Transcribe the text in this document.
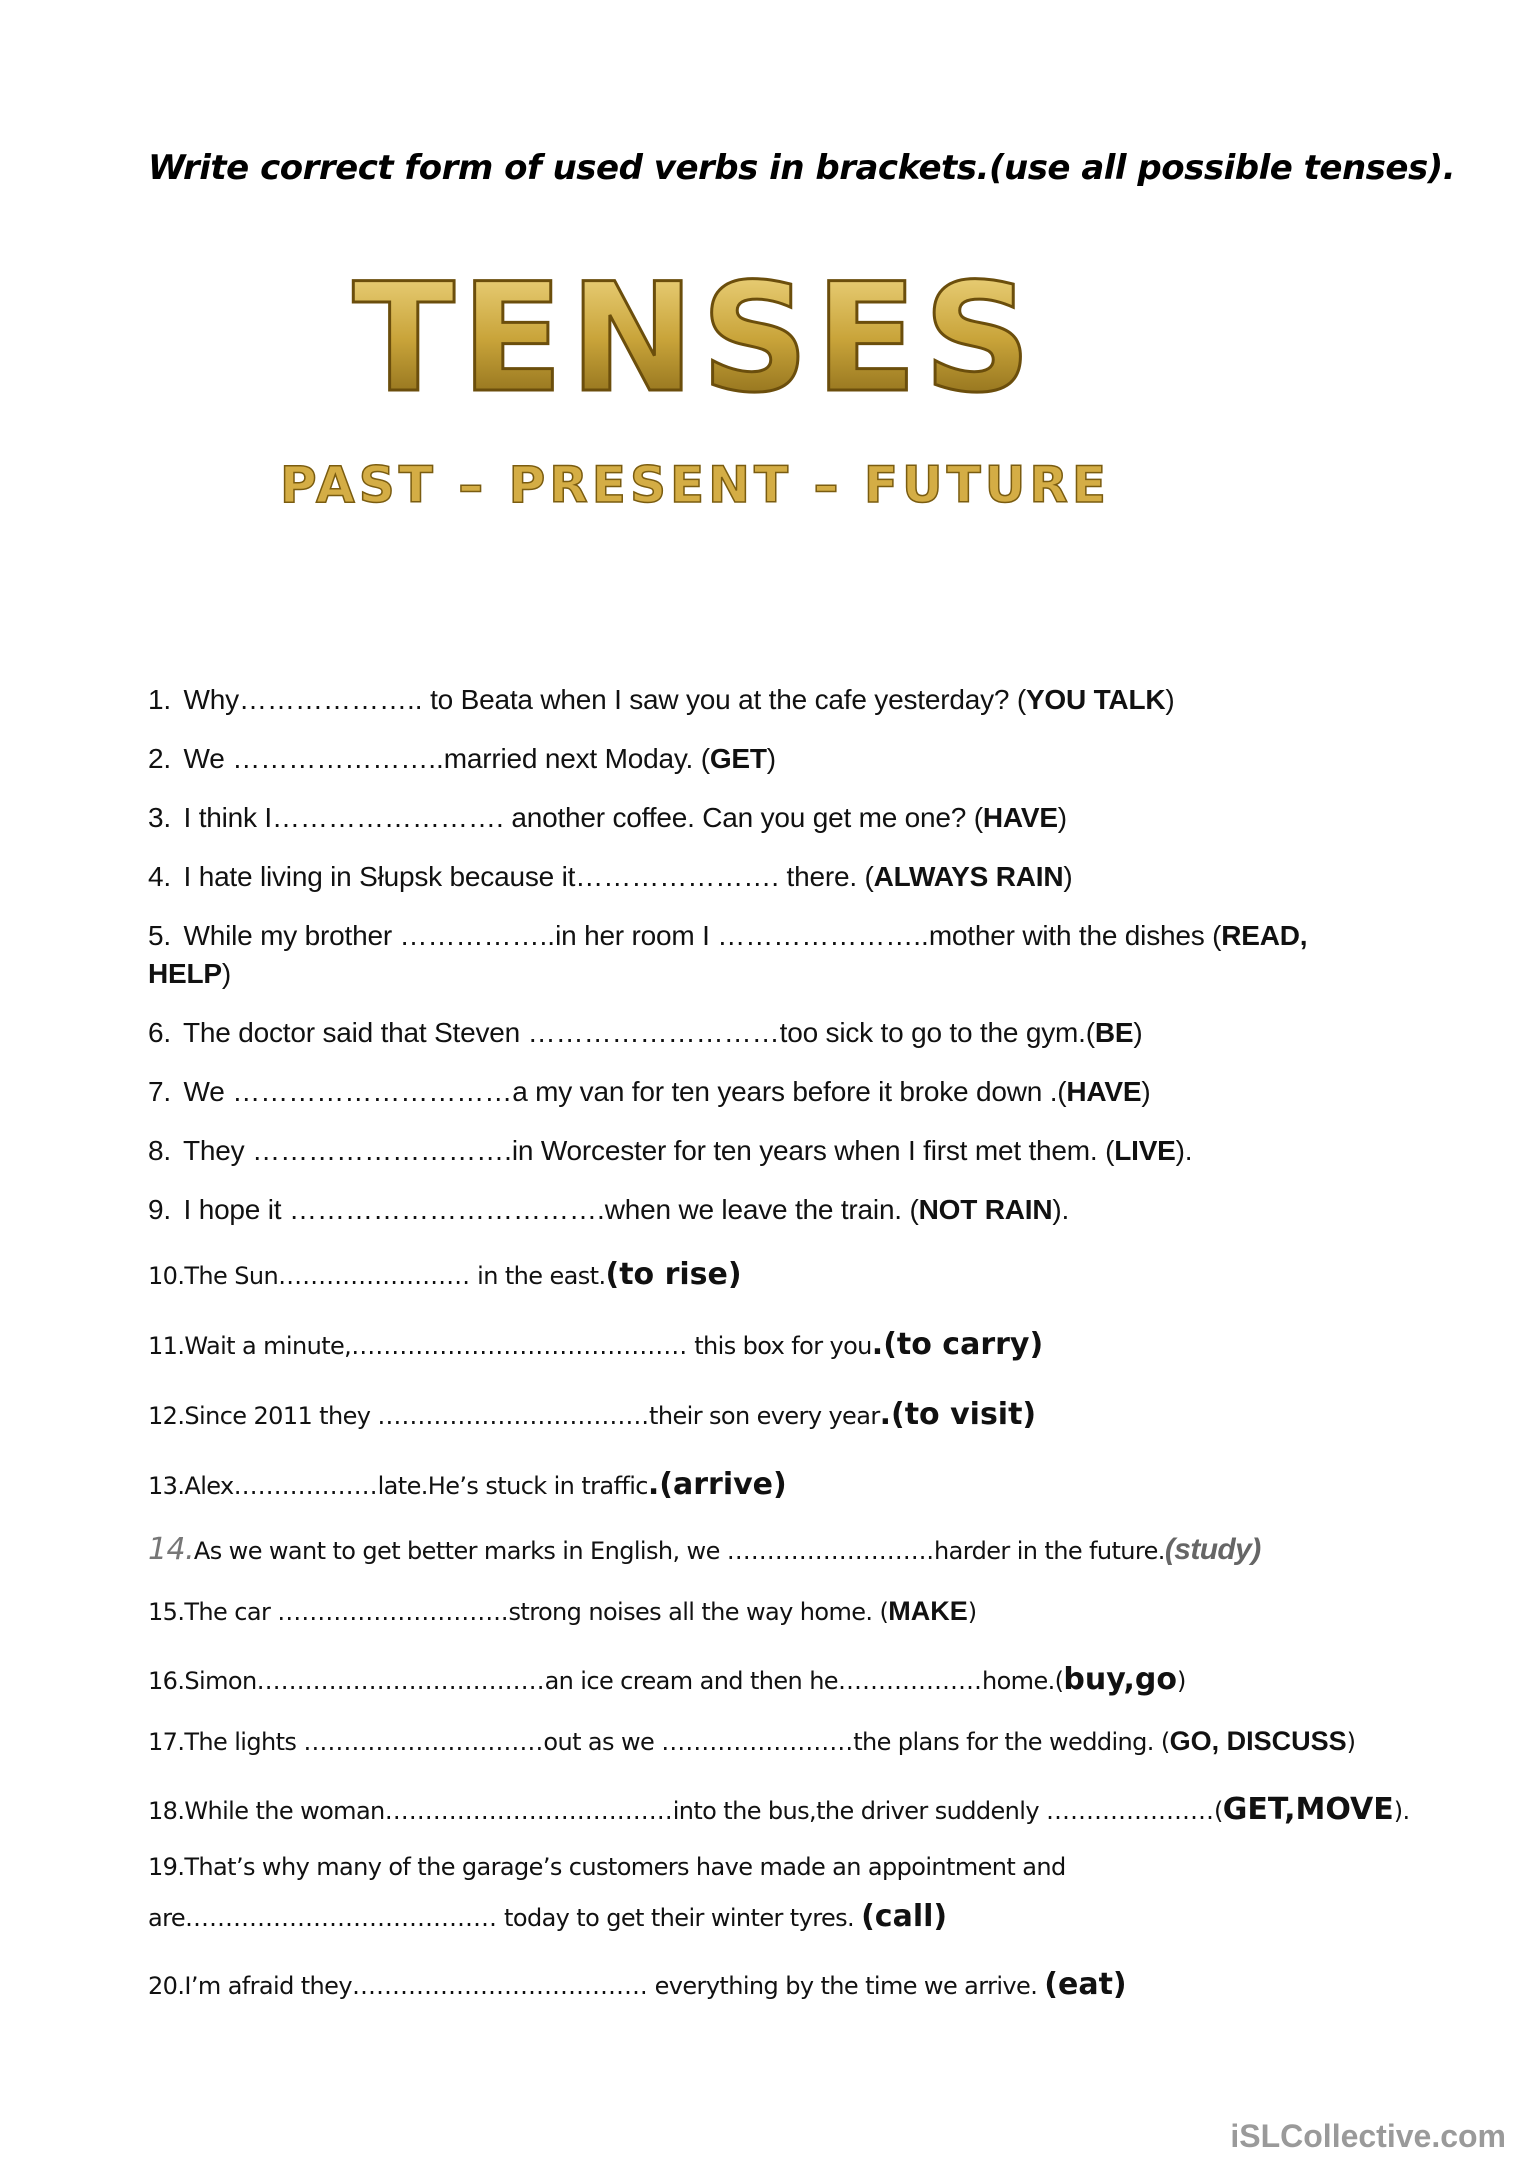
Write correct form of used verbs in brackets.(use all possible tenses).
TENSES
PAST – PRESENT – FUTURE
1. Why……………….. to Beata when I saw you at the cafe yesterday? (YOU TALK)
2. We …………………..married next Moday. (GET)
3. I think I……………………. another coffee. Can you get me one? (HAVE)
4. I hate living in Słupsk because it…………………. there. (ALWAYS RAIN)
5. While my brother ……………..in her room I …………………..mother with the dishes (READ,
HELP)
6. The doctor said that Steven ………………………too sick to go to the gym.(BE)
7. We …………………………a my van for ten years before it broke down .(HAVE)
8. They ……………………….in Worcester for ten years when I first met them. (LIVE).
9. I hope it …………………………….when we leave the train. (NOT RAIN).
10.The Sun…………………… in the east.(to rise)
11.Wait a minute,…………………………………… this box for you.(to carry)
12.Since 2011 they …………………………….their son every year.(to visit)
13.Alex………………late.He’s stuck in traffic.(arrive)
14.As we want to get better marks in English, we ……………………..harder in the future.(study)
15.The car ………………………..strong noises all the way home. (MAKE)
16.Simon………………………………an ice cream and then he………………home.(buy,go)
17.The lights …………………………out as we ……………………the plans for the wedding. (GO, DISCUSS)
18.While the woman………………………………into the bus,the driver suddenly …………………(GET,MOVE).
19.That’s why many of the garage’s customers have made an appointment and
are………………………………… today to get their winter tyres. (call)
20.I’m afraid they………………………………. everything by the time we arrive. (eat)
iSLCollective.com
